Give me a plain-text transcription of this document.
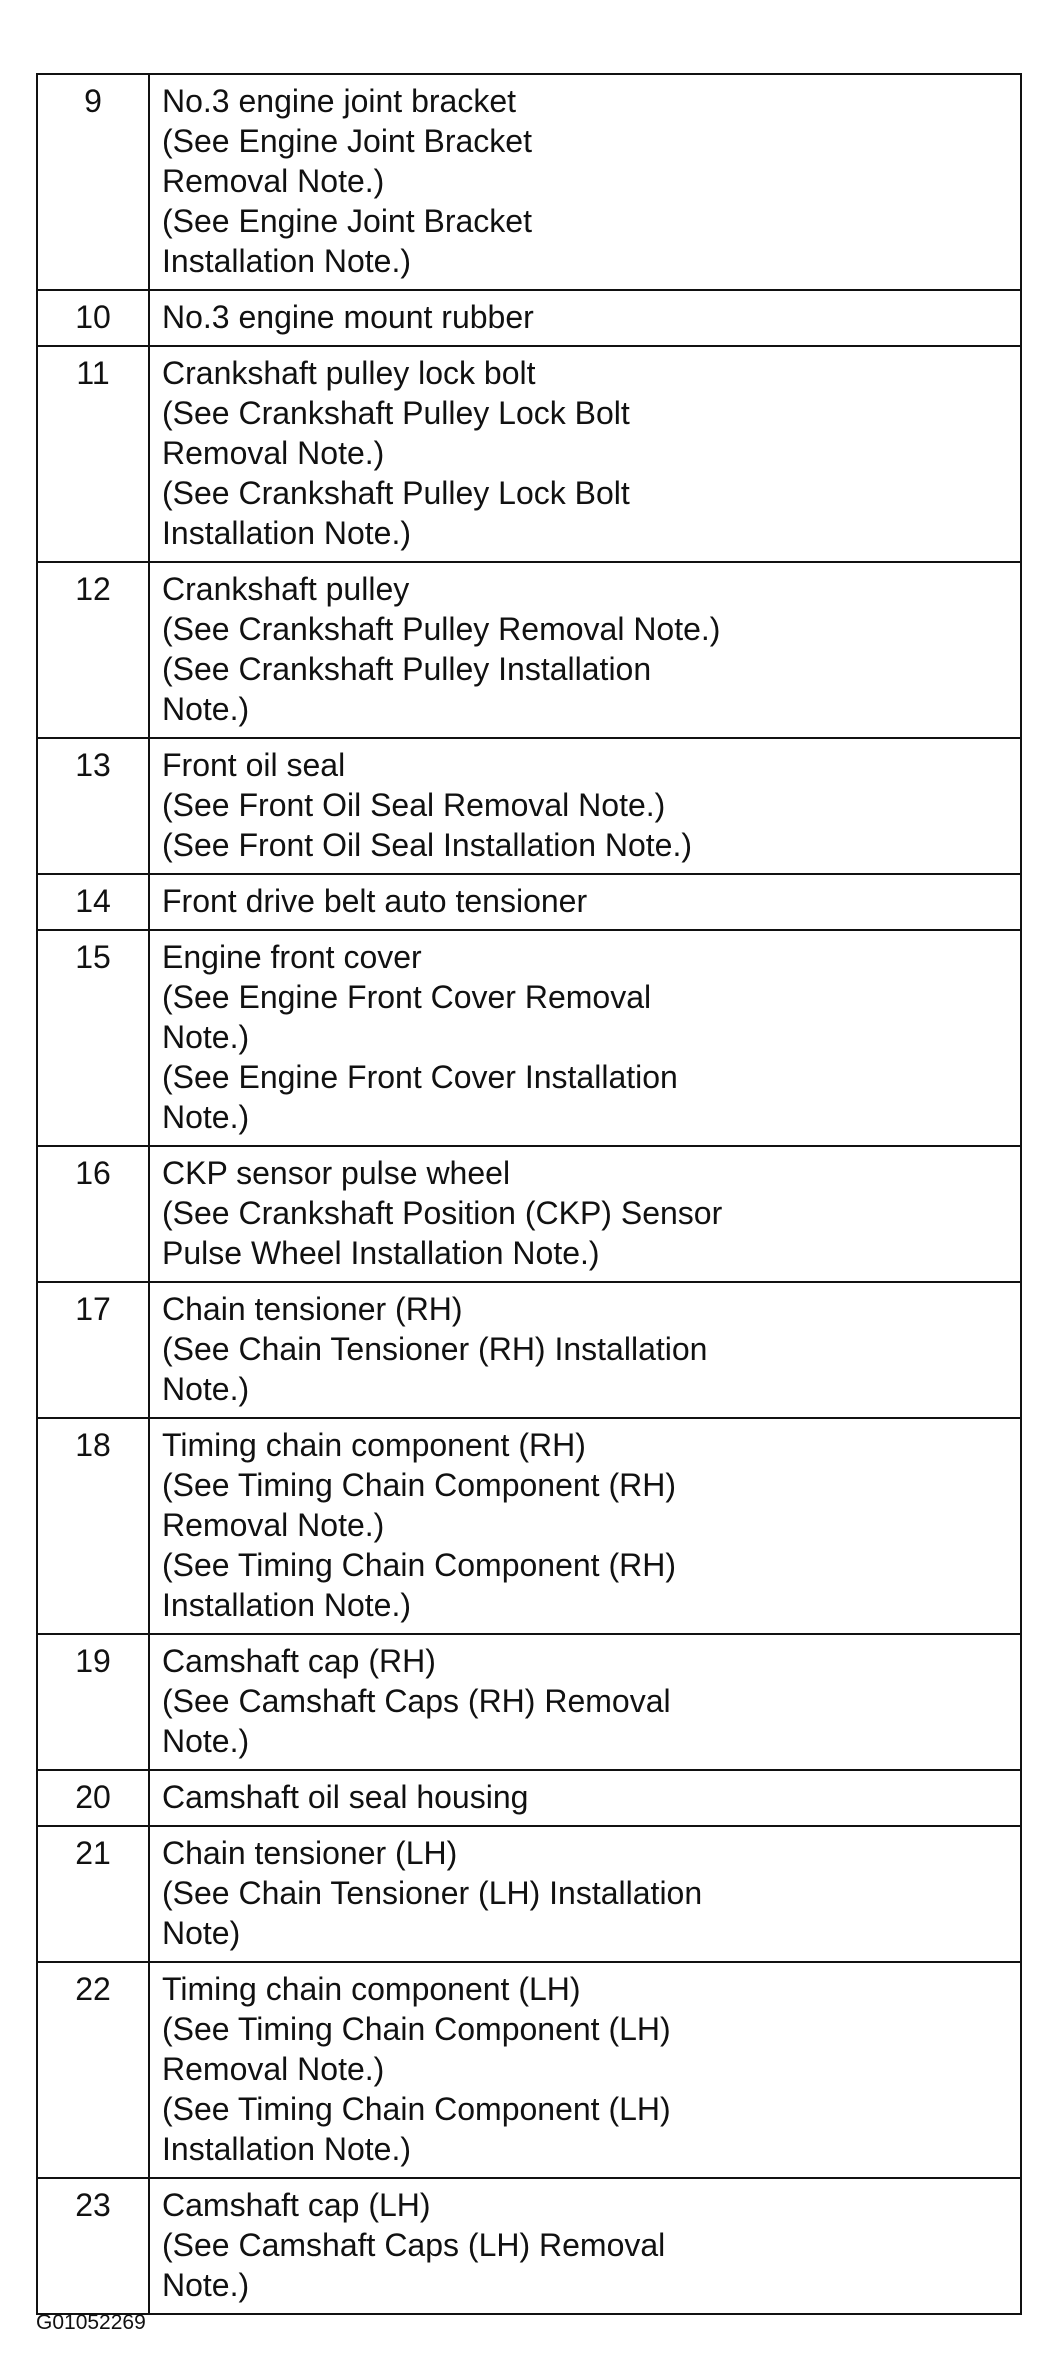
9	No.3 engine joint bracket
(See Engine Joint Bracket
Removal Note.)
(See Engine Joint Bracket
Installation Note.)

10	No.3 engine mount rubber

11	Crankshaft pulley lock bolt
(See Crankshaft Pulley Lock Bolt
Removal Note.)
(See Crankshaft Pulley Lock Bolt
Installation Note.)

12	Crankshaft pulley
(See Crankshaft Pulley Removal Note.)
(See Crankshaft Pulley Installation
Note.)

13	Front oil seal
(See Front Oil Seal Removal Note.)
(See Front Oil Seal Installation Note.)

14	Front drive belt auto tensioner

15	Engine front cover
(See Engine Front Cover Removal
Note.)
(See Engine Front Cover Installation
Note.)

16	CKP sensor pulse wheel
(See Crankshaft Position (CKP) Sensor
Pulse Wheel Installation Note.)

17	Chain tensioner (RH)
(See Chain Tensioner (RH) Installation
Note.)

18	Timing chain component (RH)
(See Timing Chain Component (RH)
Removal Note.)
(See Timing Chain Component (RH)
Installation Note.)

19	Camshaft cap (RH)
(See Camshaft Caps (RH) Removal
Note.)

20	Camshaft oil seal housing

21	Chain tensioner (LH)
(See Chain Tensioner (LH) Installation
Note)

22	Timing chain component (LH)
(See Timing Chain Component (LH)
Removal Note.)
(See Timing Chain Component (LH)
Installation Note.)

23	Camshaft cap (LH)
(See Camshaft Caps (LH) Removal
Note.)
G01052269
